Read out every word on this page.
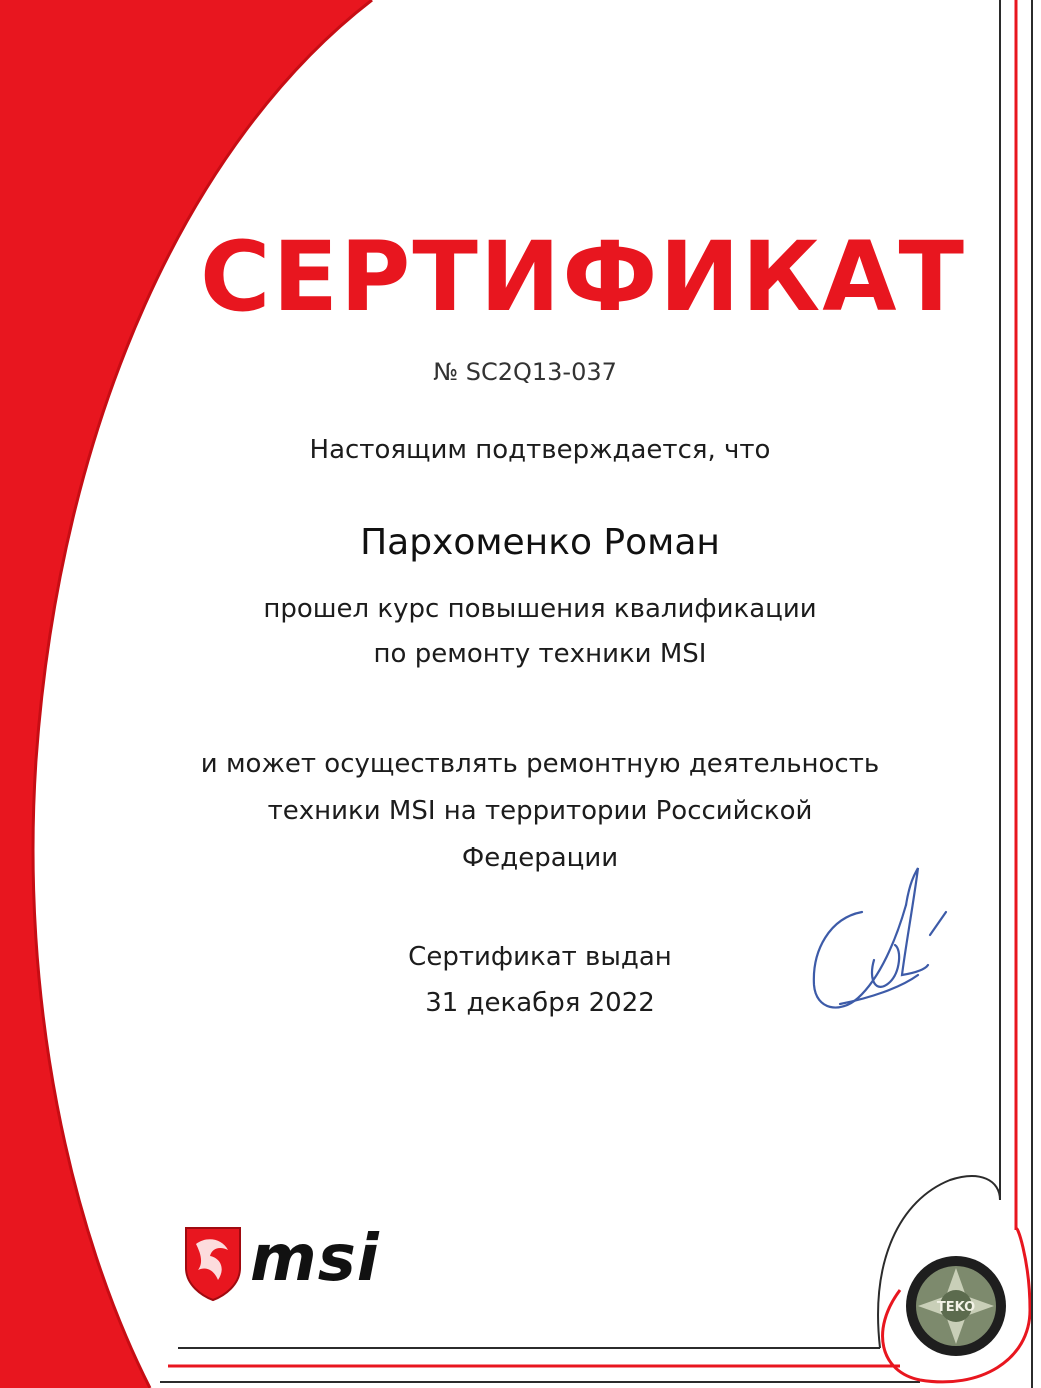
СЕРТИФИКАТ
№ SC2Q13-037
Настоящим подтверждается, что
Пархоменко Роман
прошел курс повышения квалификации
по ремонту техники MSI
и может осуществлять ремонтную деятельность
техники MSI на территории Российской
Федерации
Сертификат выдан
31 декабря 2022
msi
TEKO
